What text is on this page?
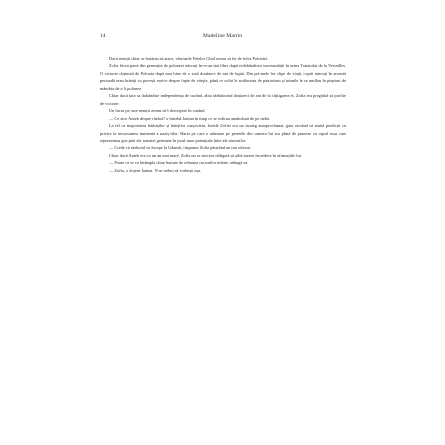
14	Madeline Martin

Dacă nemții chiar se hotărau să atace, eforturile Fetelor Ghid aveau să fie de folos Poloniei.

Zofia făcea parte din generația de polonezi născuți în-tr-un stat liber după redobândirea suveranității în urma Tratatului de la Versailles. O victorie obținută de Polonia după mai bine de o sută douăzeci de ani de luptă. Din pri-mele lor clipe de viață, copiii născuți în această perioadă erau hrăniți cu povești eroice despre fapte de vitejie, până ce ochii le străluceau de patriotism și inimile le se umflau în piepturi de mândria de a fi polonez.

Chiar dacă țara sa dobândise independența de curând, abia sărbătorind douăzeci de ani de la câștigarea ei, Zofia era pregătită să profite de victorie.

Un lucru pe care nemții aveau să-l descopere în curând.

— Ce zice Antek despre război? o întrebă Janina în timp ce se ridicau amândouă de pe iarbă.

La fel ca majoritatea bărbaților și băieților varșovieni, fratele Zofiei era un strateg autoproclamat, gata oricând să emită predicții cu privire la incursiunea iminentă a naziș-tilor. Harta pe care o atârnase pe peretele din camera lui era plină de pioneze cu capul roșu care reprezentau gru-pări ale armatei germane în jurul unor potențiale ținte ale atacurilor.

— Crede că războiul va începe la Gdansk, răspunse Zofia păstrând un ton relaxat.

Chiar dacă Antek era cu un an mai mare, Zofia nu se sim-țea obligată să aibă mereu încredere în afirmațiile lui.

— Poate că se va întâmpla chiar înainte de reluarea cursurilor mâine, adăugă ea.

— Zofia, o dojeni Janina. N-ar trebui să vorbești așa.
